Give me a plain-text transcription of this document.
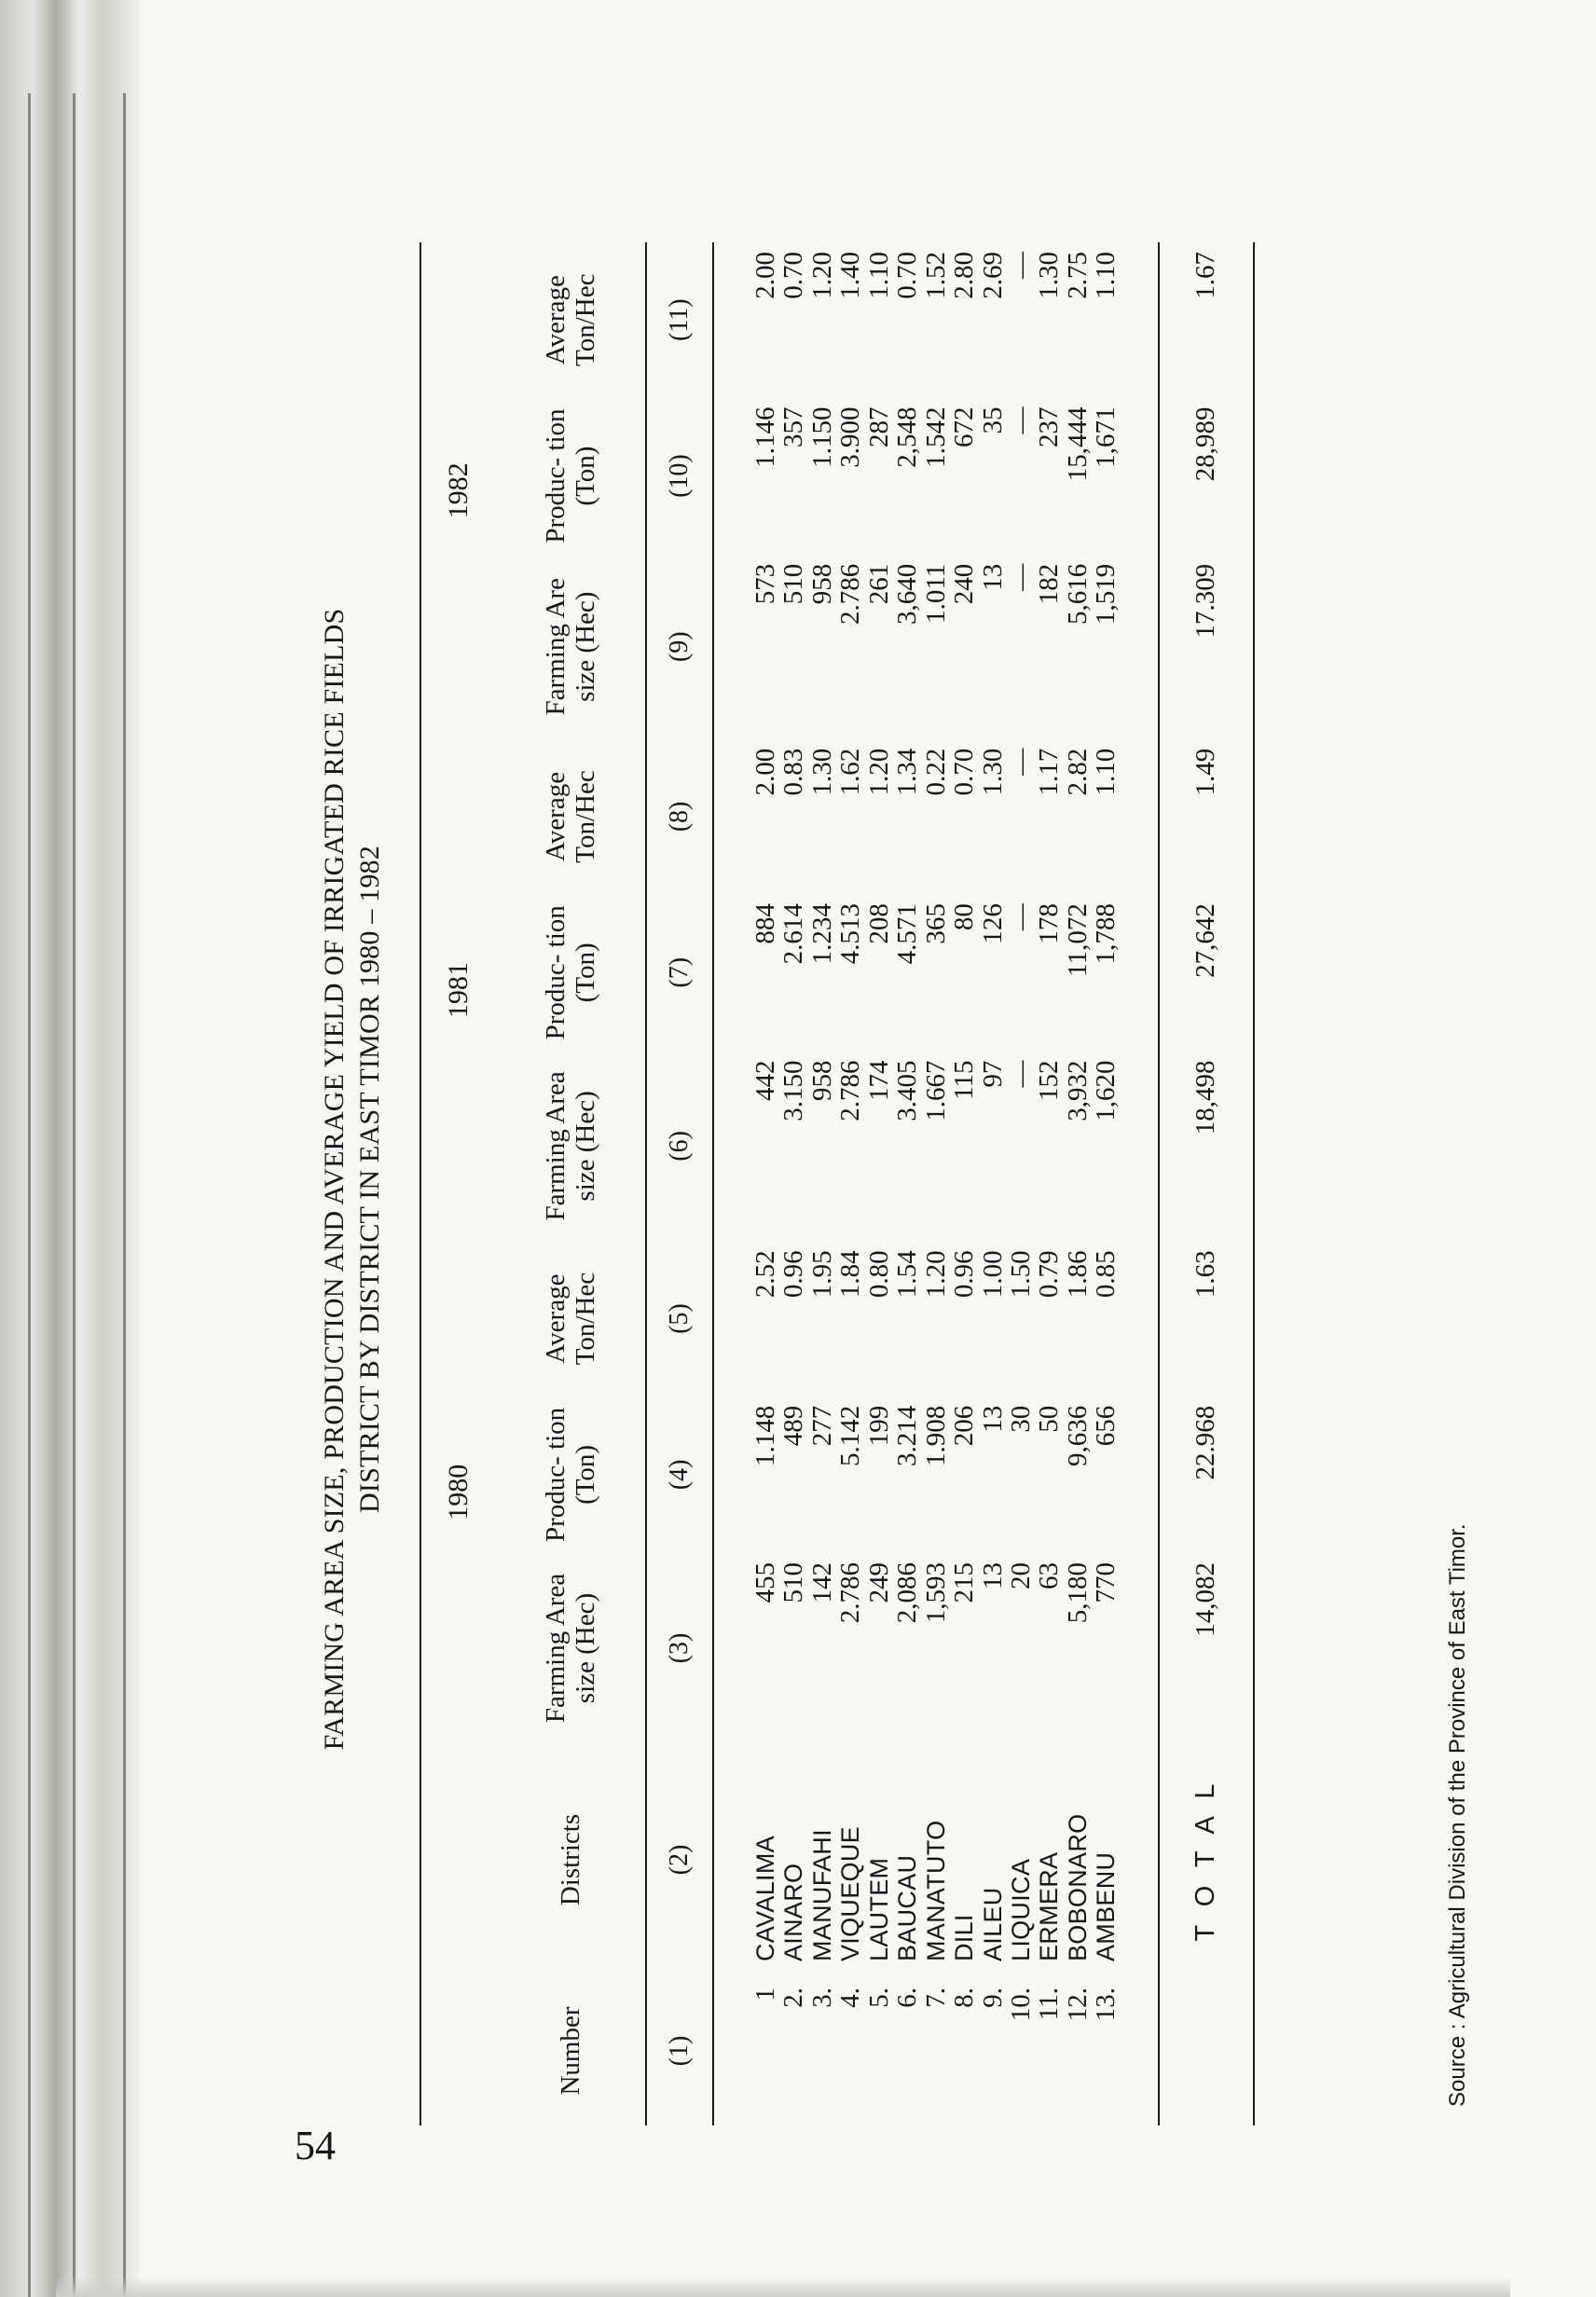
54
FARMING AREA SIZE, PRODUCTION AND AVERAGE YIELD OF IRRIGATED RICE FIELDS DISTRICT BY DISTRICT IN EAST TIMOR 1980 – 1982
		1980			1981			1982		
Number	Districts	Farming Area size (Hec)	Produc- tion (Ton)	Average Ton/Hec	Farming Area size (Hec)	Produc- tion (Ton)	Average Ton/Hec	Farming Are size (Hec)	Produc- tion (Ton)	Average Ton/Hec
(1)	(2)	(3)	(4)	(5)	(6)	(7)	(8)	(9)	(10)	(11)
1	CAVALIMA	455	1.148	2.52	442	884	2.00	573	1.146	2.00
2.	AINARO	510	489	0.96	3.150	2.614	0.83	510	357	0.70
3.	MANUFAHI	142	277	1.95	958	1.234	1.30	958	1.150	1.20
4.	VIQUEQUE	2.786	5.142	1.84	2.786	4.513	1.62	2.786	3.900	1.40
5.	LAUTEM	249	199	0.80	174	208	1.20	261	287	1.10
6.	BAUCAU	2,086	3.214	1.54	3.405	4.571	1.34	3,640	2,548	0.70
7.	MANATUTO	1,593	1.908	1.20	1.667	365	0.22	1.011	1.542	1.52
8.	DILI	215	206	0.96	115	80	0.70	240	672	2.80
9.	AILEU	13	13	1.00	97	126	1.30	13	35	2.69
10.	LIQUICA	20	30	1.50	—	—	—	—	—	—
11.	ERMERA	63	50	0.79	152	178	1.17	182	237	1.30
12.	BOBONARO	5,180	9,636	1.86	3,932	11,072	2.82	5,616	15,444	2.75
13.	AMBENU	770	656	0.85	1,620	1,788	1.10	1,519	1,671	1.10
	T O T A L	14,082	22.968	1.63	18,498	27,642	1.49	17.309	28,989	1.67
Source : Agricultural Division of the Province of East Timor.
